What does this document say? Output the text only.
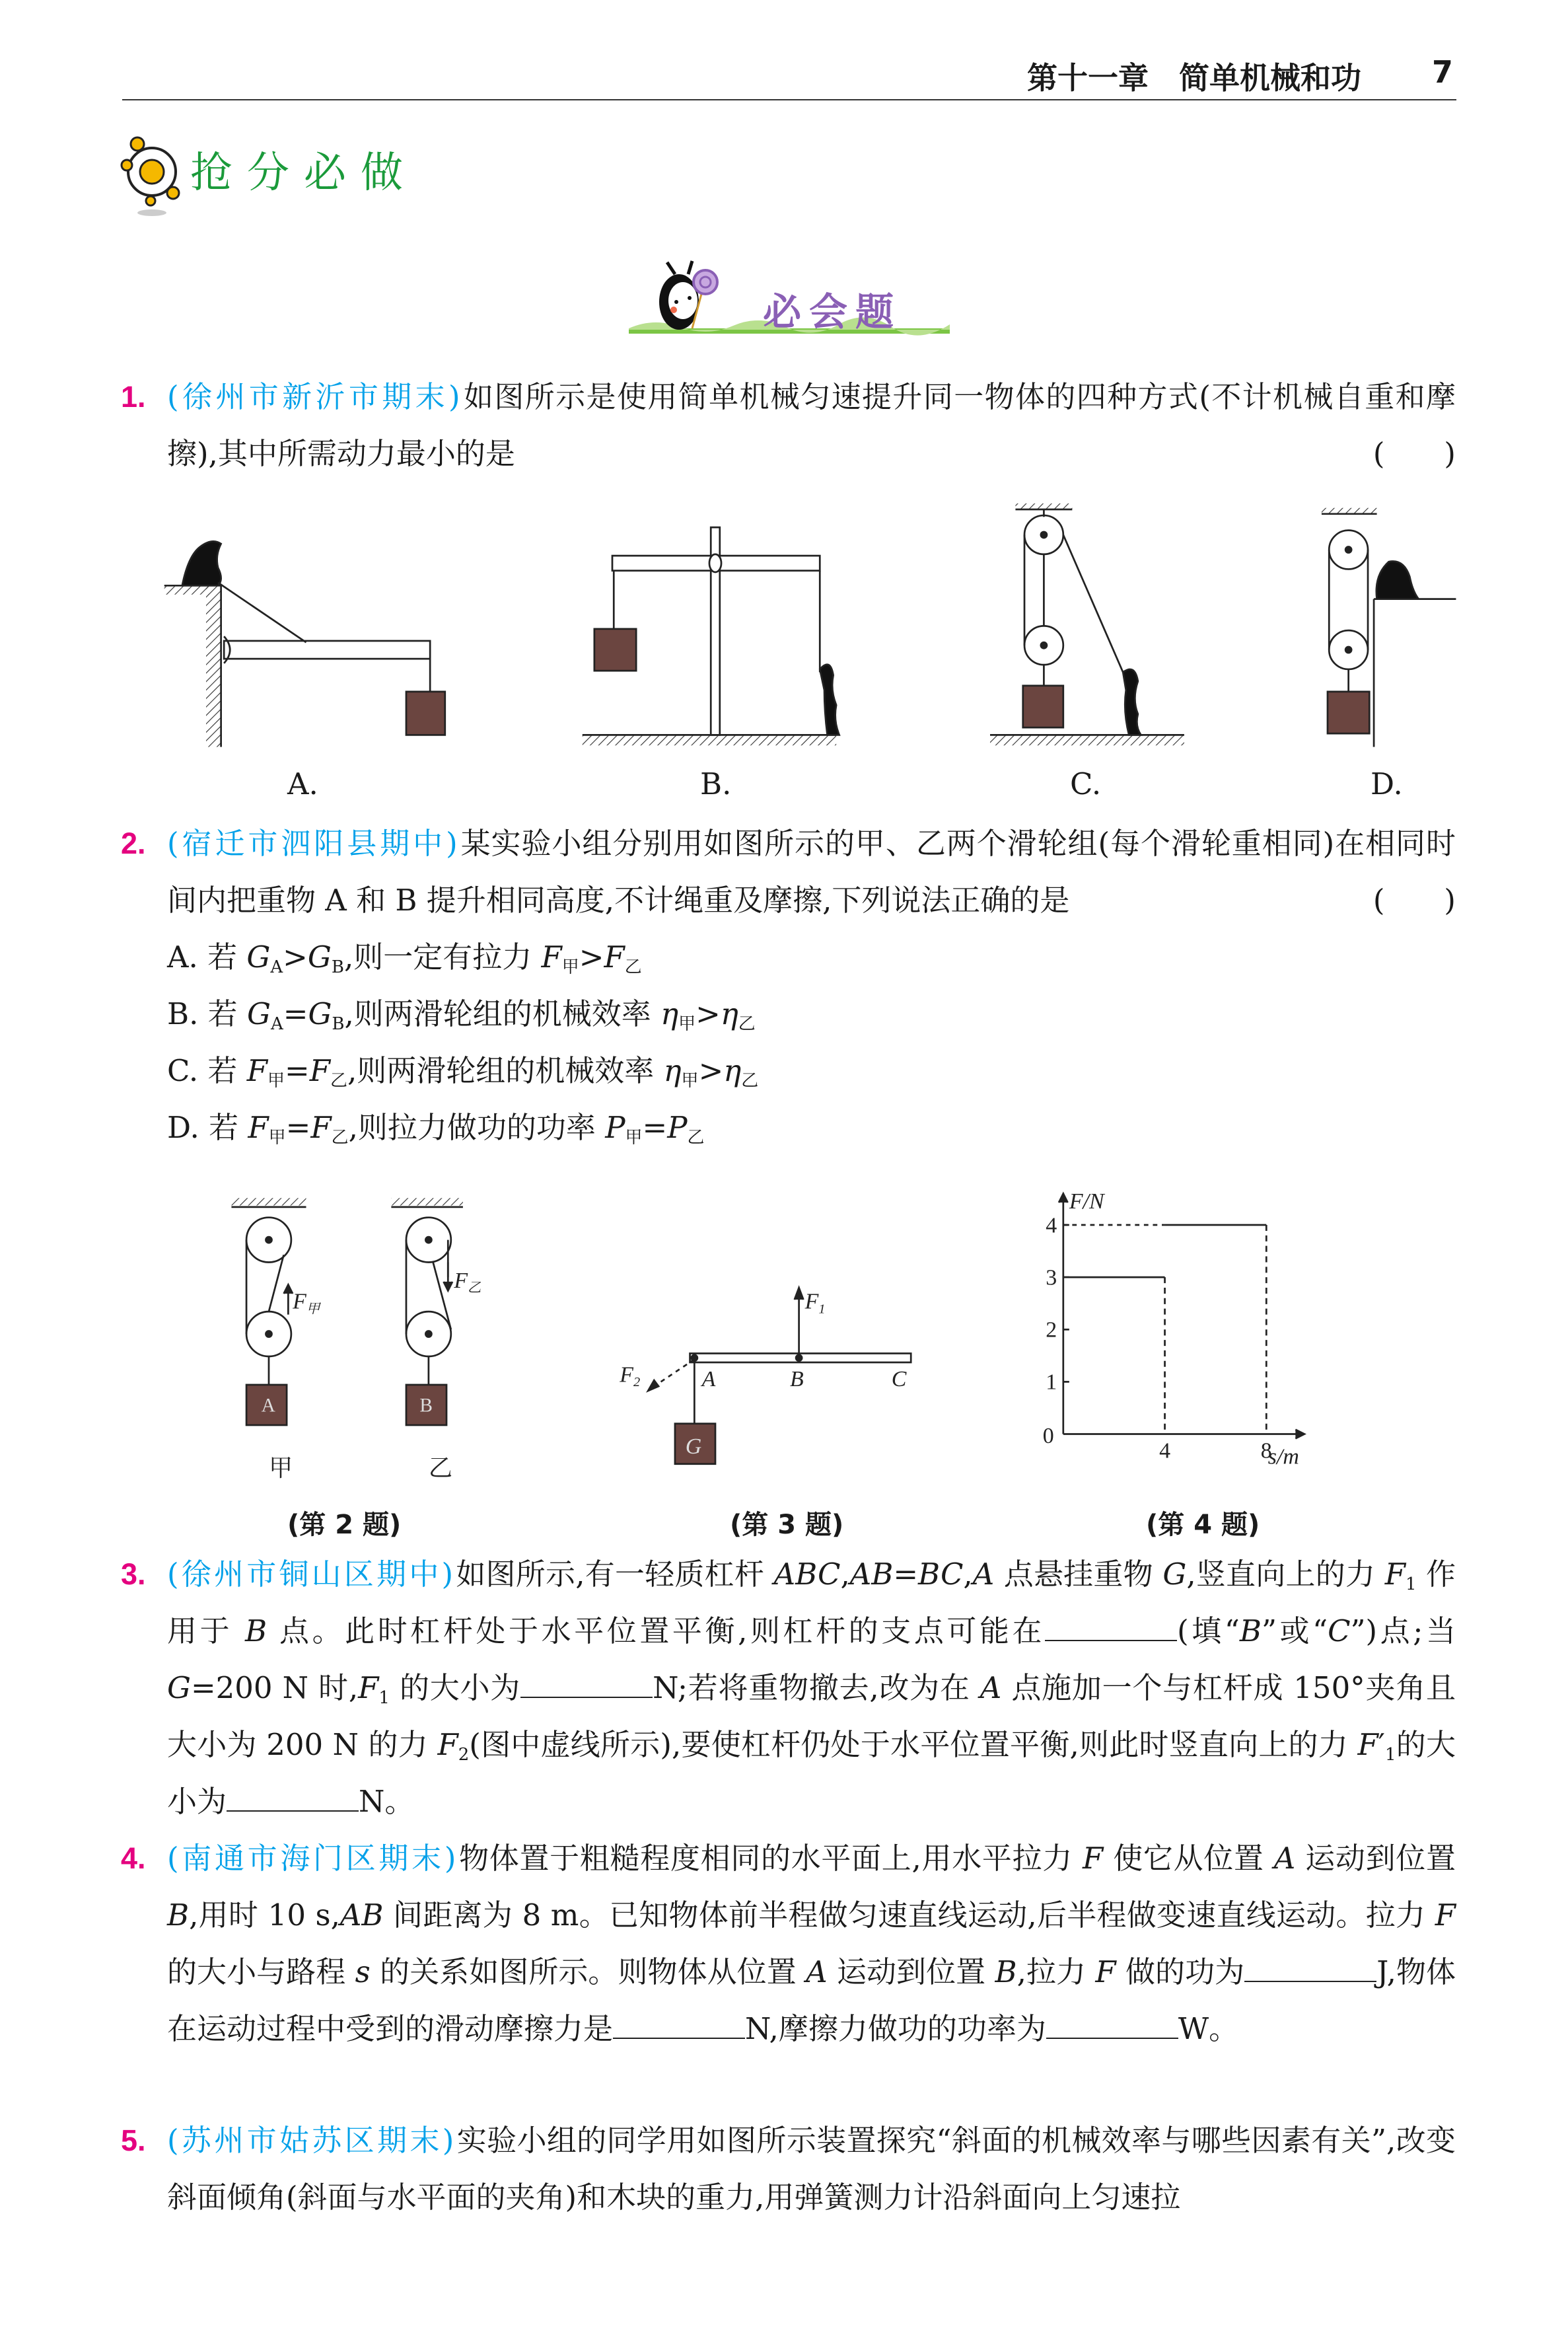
第十一章　简单机械和功 7
抢分必做
必会题
1. (徐州市新沂市期末)如图所示是使用简单机械匀速提升同一物体的四种方式(不计机械自重和摩擦),其中所需动力最小的是	(　　)
A.	B.	C.	D.
2. (宿迁市泗阳县期中)某实验小组分别用如图所示的甲、乙两个滑轮组(每个滑轮重相同)在相同时间内把重物 A 和 B 提升相同高度,不计绳重及摩擦,下列说法正确的是	(　　)
A. 若 $G_A>G_B$,则一定有拉力 $F_甲>F_乙$
B. 若 $G_A=G_B$,则两滑轮组的机械效率 $\eta_甲>\eta_乙$
C. 若 $F_甲=F_乙$,则两滑轮组的机械效率 $\eta_甲>\eta_乙$
D. 若 $F_甲=F_乙$,则拉力做功的功率 $P_甲=P_乙$
(第 2 题)	(第 3 题)	(第 4 题)
3. (徐州市铜山区期中)如图所示,有一轻质杠杆 ABC,AB=BC,A 点悬挂重物 G,竖直向上的力 $F_1$ 作用于 B 点。此时杠杆处于水平位置平衡,则杠杆的支点可能在	(填“B”或“C”)点;当 G=200 N 时$,F_1$ 的大小为	N;若将重物撤去,改为在 A 点施加一个与杠杆成 150°夹角且大小为 200 N 的力 $F_2$(图中虚线所示),要使杠杆仍处于水平位置平衡,则此时竖直向上的力 $F'_1$的大小为	N。
4. (南通市海门区期末)物体置于粗糙程度相同的水平面上,用水平拉力 F 使它从位置 A 运动到位置 B,用时 10 s,AB 间距离为 8 m。已知物体前半程做匀速直线运动,后半程做变速直线运动。拉力 F 的大小与路程 s 的关系如图所示。则物体从位置 A 运动到位置 B,拉力 F 做的功为	J,物体在运动过程中受到的滑动摩擦力是	N,摩擦力做功的功率为	W。
5. (苏州市姑苏区期末)实验小组的同学用如图所示装置探究“斜面的机械效率与哪些因素有关”,改变斜面倾角(斜面与水平面的夹角)和木块的重力,用弹簧测力计沿斜面向上匀速拉
1
2
3
4
4	8
0
F/N
s/m
A	B
甲	乙
$F_甲$
$F_乙$
A	B	C
$F_1$
$F_2$
G
